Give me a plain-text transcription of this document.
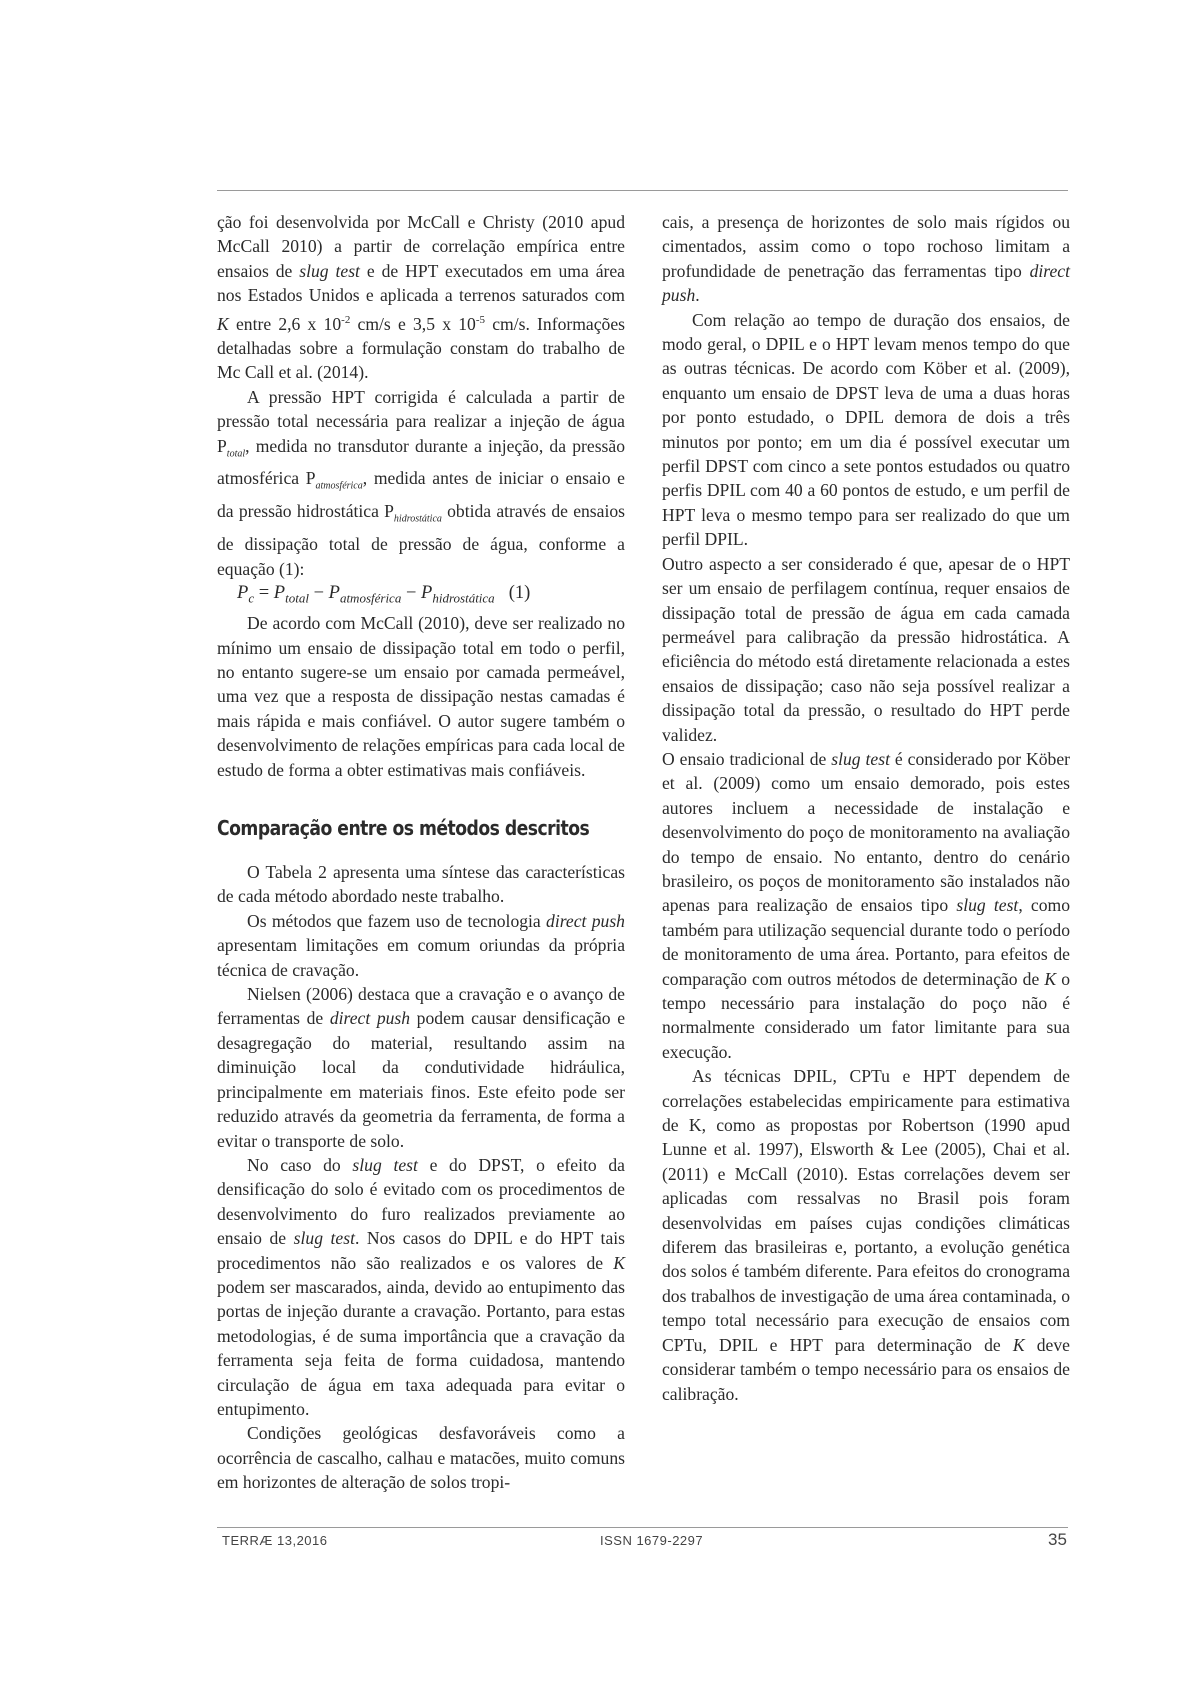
ção foi desenvolvida por McCall e Christy (2010 apud McCall 2010) a partir de correlação empírica entre ensaios de slug test e de HPT executados em uma área nos Estados Unidos e aplicada a terrenos saturados com K entre 2,6 x $10^{-2}$ cm/s e 3,5 x $10^{-5}$ cm/s. Informações detalhadas sobre a formulação constam do trabalho de Mc Call et al. (2014).

A pressão HPT corrigida é calculada a partir de pressão total necessária para realizar a injeção de água $P_{total}$, medida no transdutor durante a injeção, da pressão atmosférica $P_{atmosférica}$, medida antes de iniciar o ensaio e da pressão hidrostática $P_{hidrostática}$ obtida através de ensaios de dissipação total de pressão de água, conforme a equação (1):

$P_c = P_{total} - P_{atmosférica} - P_{hidrostática}$ (1)

De acordo com McCall (2010), deve ser realizado no mínimo um ensaio de dissipação total em todo o perfil, no entanto sugere-se um ensaio por camada permeável, uma vez que a resposta de dissipação nestas camadas é mais rápida e mais confiável. O autor sugere também o desenvolvimento de relações empíricas para cada local de estudo de forma a obter estimativas mais confiáveis.

Comparação entre os métodos descritos

O Tabela 2 apresenta uma síntese das características de cada método abordado neste trabalho.

Os métodos que fazem uso de tecnologia direct push apresentam limitações em comum oriundas da própria técnica de cravação.

Nielsen (2006) destaca que a cravação e o avanço de ferramentas de direct push podem causar densificação e desagregação do material, resultando assim na diminuição local da condutividade hidráulica, principalmente em materiais finos. Este efeito pode ser reduzido através da geometria da ferramenta, de forma a evitar o transporte de solo.

No caso do slug test e do DPST, o efeito da densificação do solo é evitado com os procedimentos de desenvolvimento do furo realizados previamente ao ensaio de slug test. Nos casos do DPIL e do HPT tais procedimentos não são realizados e os valores de K podem ser mascarados, ainda, devido ao entupimento das portas de injeção durante a cravação. Portanto, para estas metodologias, é de suma importância que a cravação da ferramenta seja feita de forma cuidadosa, mantendo circulação de água em taxa adequada para evitar o entupimento.

Condições geológicas desfavoráveis como a ocorrência de cascalho, calhau e matacões, muito comuns em horizontes de alteração de solos tropi-

cais, a presença de horizontes de solo mais rígidos ou cimentados, assim como o topo rochoso limitam a profundidade de penetração das ferramentas tipo direct push.

Com relação ao tempo de duração dos ensaios, de modo geral, o DPIL e o HPT levam menos tempo do que as outras técnicas. De acordo com Köber et al. (2009), enquanto um ensaio de DPST leva de uma a duas horas por ponto estudado, o DPIL demora de dois a três minutos por ponto; em um dia é possível executar um perfil DPST com cinco a sete pontos estudados ou quatro perfis DPIL com 40 a 60 pontos de estudo, e um perfil de HPT leva o mesmo tempo para ser realizado do que um perfil DPIL.

Outro aspecto a ser considerado é que, apesar de o HPT ser um ensaio de perfilagem contínua, requer ensaios de dissipação total de pressão de água em cada camada permeável para calibração da pressão hidrostática. A eficiência do método está diretamente relacionada a estes ensaios de dissipação; caso não seja possível realizar a dissipação total da pressão, o resultado do HPT perde validez.

O ensaio tradicional de slug test é considerado por Köber et al. (2009) como um ensaio demorado, pois estes autores incluem a necessidade de instalação e desenvolvimento do poço de monitoramento na avaliação do tempo de ensaio. No entanto, dentro do cenário brasileiro, os poços de monitoramento são instalados não apenas para realização de ensaios tipo slug test, como também para utilização sequencial durante todo o período de monitoramento de uma área. Portanto, para efeitos de comparação com outros métodos de determinação de K o tempo necessário para instalação do poço não é normalmente considerado um fator limitante para sua execução.

As técnicas DPIL, CPTu e HPT dependem de correlações estabelecidas empiricamente para estimativa de K, como as propostas por Robertson (1990 apud Lunne et al. 1997), Elsworth & Lee (2005), Chai et al. (2011) e McCall (2010). Estas correlações devem ser aplicadas com ressalvas no Brasil pois foram desenvolvidas em países cujas condições climáticas diferem das brasileiras e, portanto, a evolução genética dos solos é também diferente. Para efeitos do cronograma dos trabalhos de investigação de uma área contaminada, o tempo total necessário para execução de ensaios com CPTu, DPIL e HPT para determinação de K deve considerar também o tempo necessário para os ensaios de calibração.

TERRÆ 13,2016	ISSN 1679-2297	35
